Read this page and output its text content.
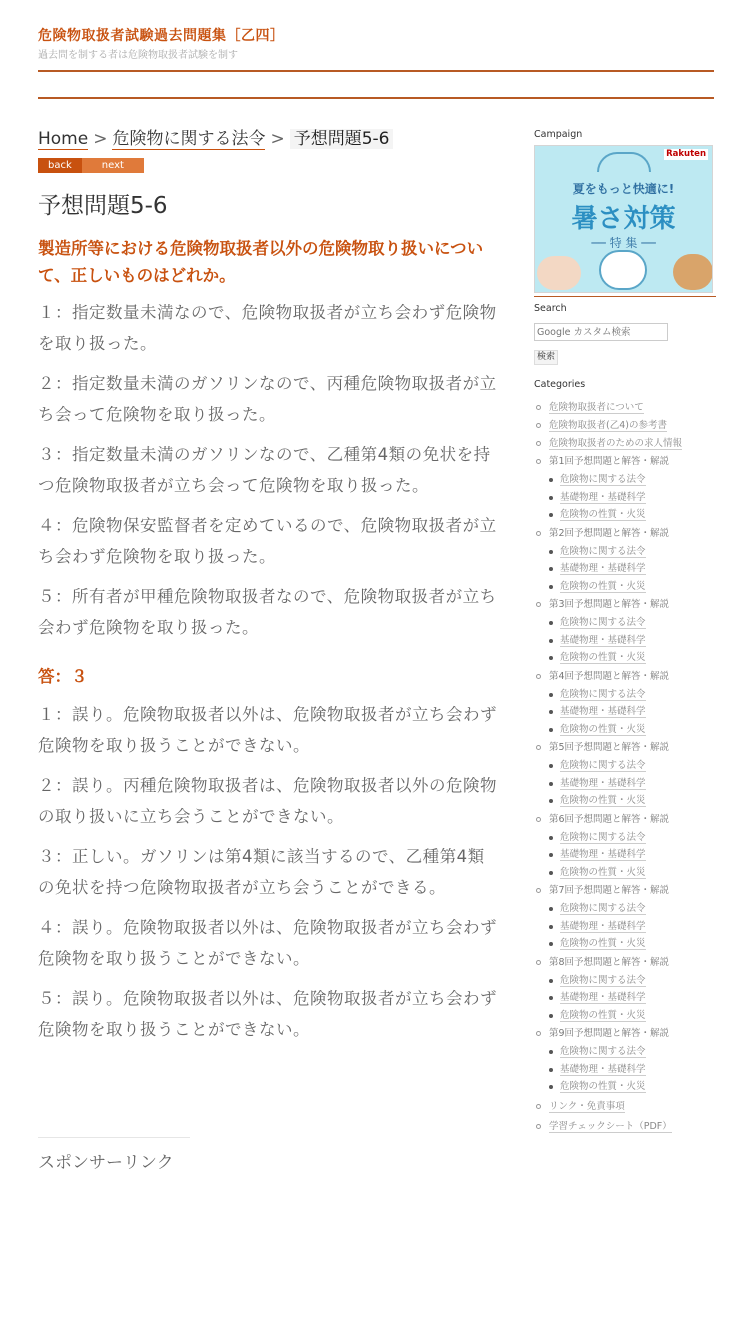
危険物取扱者試験過去問題集［乙四］
過去問を制する者は危険物取扱者試験を制す
Home > 危険物に関する法令 > 予想問題5-6
back	next
予想問題5-6
製造所等における危険物取扱者以外の危険物取り扱いについて、正しいものはどれか。
１：指定数量未満なので、危険物取扱者が立ち会わず危険物を取り扱った。
２：指定数量未満のガソリンなので、丙種危険物取扱者が立ち会って危険物を取り扱った。
３：指定数量未満のガソリンなので、乙種第4類の免状を持つ危険物取扱者が立ち会って危険物を取り扱った。
４：危険物保安監督者を定めているので、危険物取扱者が立ち会わず危険物を取り扱った。
５：所有者が甲種危険物取扱者なので、危険物取扱者が立ち会わず危険物を取り扱った。
答：３
１：誤り。危険物取扱者以外は、危険物取扱者が立ち会わず危険物を取り扱うことができない。
２：誤り。丙種危険物取扱者は、危険物取扱者以外の危険物の取り扱いに立ち会うことができない。
３：正しい。ガソリンは第4類に該当するので、乙種第4類の免状を持つ危険物取扱者が立ち会うことができる。
４：誤り。危険物取扱者以外は、危険物取扱者が立ち会わず危険物を取り扱うことができない。
５：誤り。危険物取扱者以外は、危険物取扱者が立ち会わず危険物を取り扱うことができない。
スポンサーリンク
Campaign
Rakuten
夏をもっと快適に!
暑さ対策
── 特 集 ──
Search
Google カスタム検索
検索
Categories
危険物取扱者について
危険物取扱者(乙4)の参考書
危険物取扱者のための求人情報
第1回予想問題と解答・解説
危険物に関する法令
基礎物理・基礎科学
危険物の性質・火災
第2回予想問題と解答・解説
危険物に関する法令
基礎物理・基礎科学
危険物の性質・火災
第3回予想問題と解答・解説
危険物に関する法令
基礎物理・基礎科学
危険物の性質・火災
第4回予想問題と解答・解説
危険物に関する法令
基礎物理・基礎科学
危険物の性質・火災
第5回予想問題と解答・解説
危険物に関する法令
基礎物理・基礎科学
危険物の性質・火災
第6回予想問題と解答・解説
危険物に関する法令
基礎物理・基礎科学
危険物の性質・火災
第7回予想問題と解答・解説
危険物に関する法令
基礎物理・基礎科学
危険物の性質・火災
第8回予想問題と解答・解説
危険物に関する法令
基礎物理・基礎科学
危険物の性質・火災
第9回予想問題と解答・解説
危険物に関する法令
基礎物理・基礎科学
危険物の性質・火災
リンク・免責事項
学習チェックシート（PDF）
